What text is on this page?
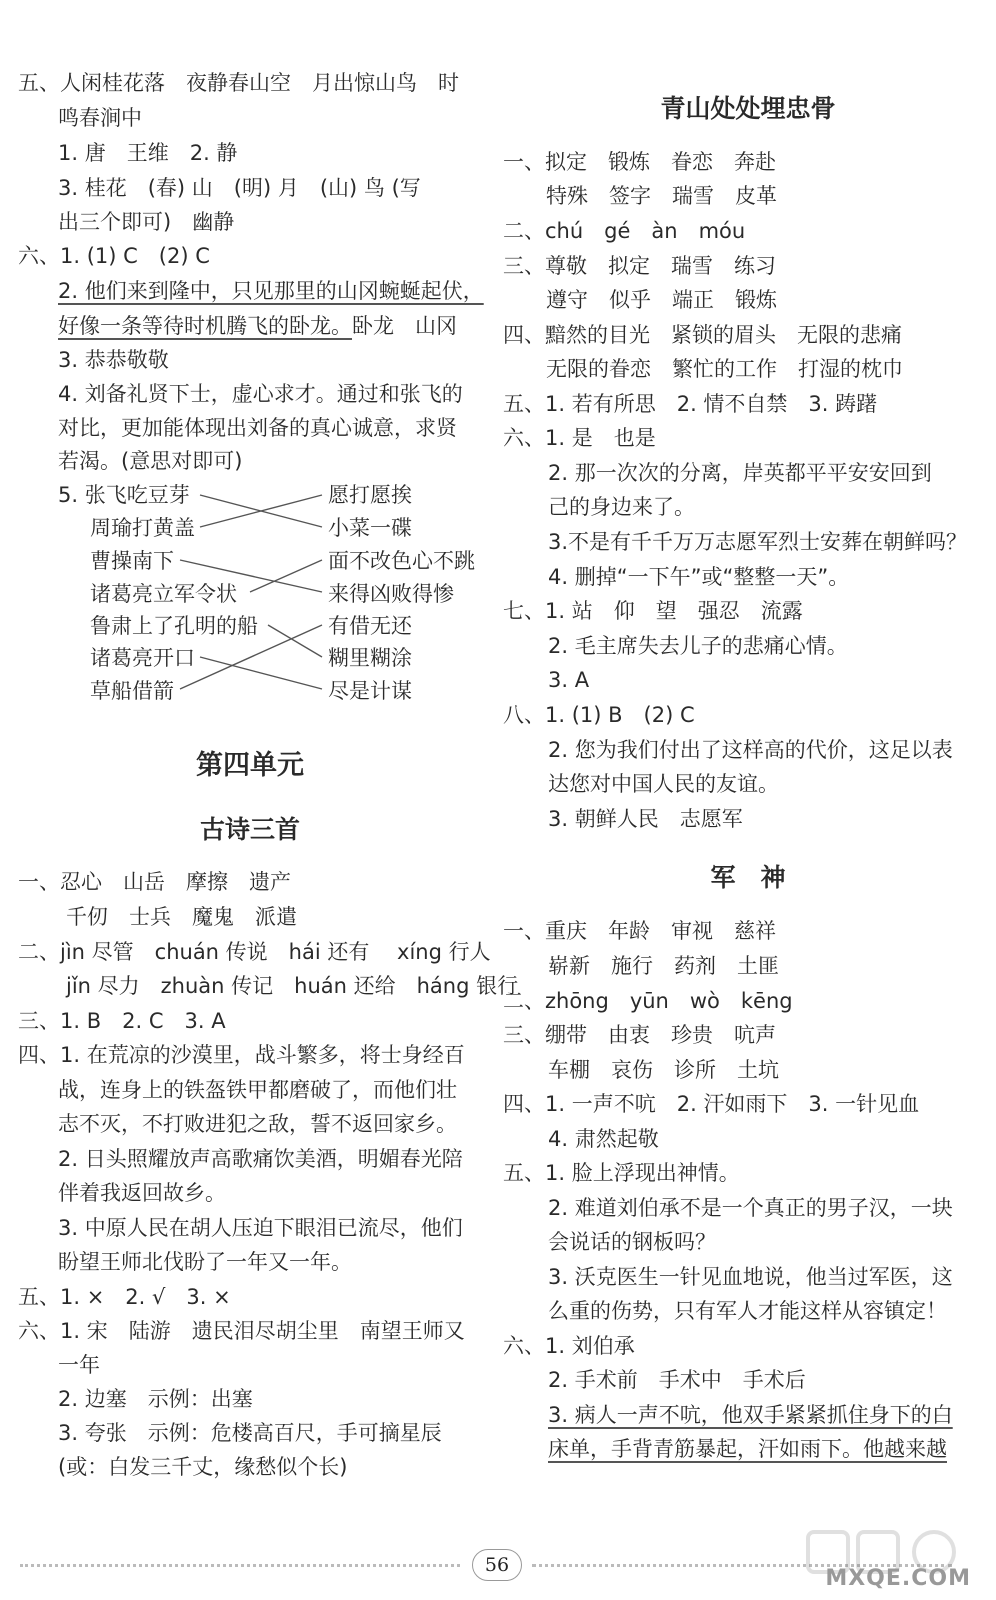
五、人闲桂花落　夜静春山空　月出惊山鸟　时
鸣春涧中
1. 唐　王维　2. 静
3. 桂花　(春) 山　(明) 月　(山) 鸟 (写
出三个即可)　幽静
六、1. (1) C　(2) C
2. 他们来到隆中，只见那里的山冈蜿蜒起伏，
好像一条等待时机腾飞的卧龙。卧龙　山冈
3. 恭恭敬敬
4. 刘备礼贤下士，虚心求才。通过和张飞的
对比，更加能体现出刘备的真心诚意，求贤
若渴。(意思对即可)
5. 张飞吃豆芽
周瑜打黄盖
曹操南下
诸葛亮立军令状
鲁肃上了孔明的船
诸葛亮开口
草船借箭
愿打愿挨
小菜一碟
面不改色心不跳
来得凶败得惨
有借无还
糊里糊涂
尽是计谋
第四单元
古诗三首
一、忍心　山岳　摩擦　遗产
千仞　士兵　魔鬼　派遣
二、jìn 尽管　chuán 传说　hái 还有　 xíng 行人
jǐn 尽力　zhuàn 传记　huán 还给　háng 银行
三、1. B　2. C　3. A
四、1. 在荒凉的沙漠里，战斗繁多，将士身经百
战，连身上的铁盔铁甲都磨破了，而他们壮
志不灭，不打败进犯之敌，誓不返回家乡。
2. 日头照耀放声高歌痛饮美酒，明媚春光陪
伴着我返回故乡。
3. 中原人民在胡人压迫下眼泪已流尽，他们
盼望王师北伐盼了一年又一年。
五、1. ×　2. √　3. ×
六、1. 宋　陆游　遗民泪尽胡尘里　南望王师又
一年
2. 边塞　示例：出塞
3. 夸张　示例：危楼高百尺，手可摘星辰
(或：白发三千丈，缘愁似个长)
青山处处埋忠骨
一、拟定　锻炼　眷恋　奔赴
特殊　签字　瑞雪　皮革
二、chú　gé　àn　móu
三、尊敬　拟定　瑞雪　练习
遵守　似乎　端正　锻炼
四、黯然的目光　紧锁的眉头　无限的悲痛
无限的眷恋　繁忙的工作　打湿的枕巾
五、1. 若有所思　2. 情不自禁　3. 踌躇
六、1. 是　也是
2. 那一次次的分离，岸英都平平安安回到
己的身边来了。
3.不是有千千万万志愿军烈士安葬在朝鲜吗？
4. 删掉“一下午”或“整整一天”。
七、1. 站　仰　望　强忍　流露
2. 毛主席失去儿子的悲痛心情。
3. A
八、1. (1) B　(2) C
2. 您为我们付出了这样高的代价，这足以表
达您对中国人民的友谊。
3. 朝鲜人民　志愿军
军　神
一、重庆　年龄　审视　慈祥
崭新　施行　药剂　土匪
二、zhōng　yūn　wò　kēng
三、绷带　由衷　珍贵　吭声
车棚　哀伤　诊所　土坑
四、1. 一声不吭　2. 汗如雨下　3. 一针见血
4. 肃然起敬
五、1. 脸上浮现出神情。
2. 难道刘伯承不是一个真正的男子汉，一块
会说话的钢板吗？
3. 沃克医生一针见血地说，他当过军医，这
么重的伤势，只有军人才能这样从容镇定！
六、1. 刘伯承
2. 手术前　手术中　手术后
3. 病人一声不吭，他双手紧紧抓住身下的白
床单，手背青筋暴起，汗如雨下。他越来越
56
MXQE.COM
